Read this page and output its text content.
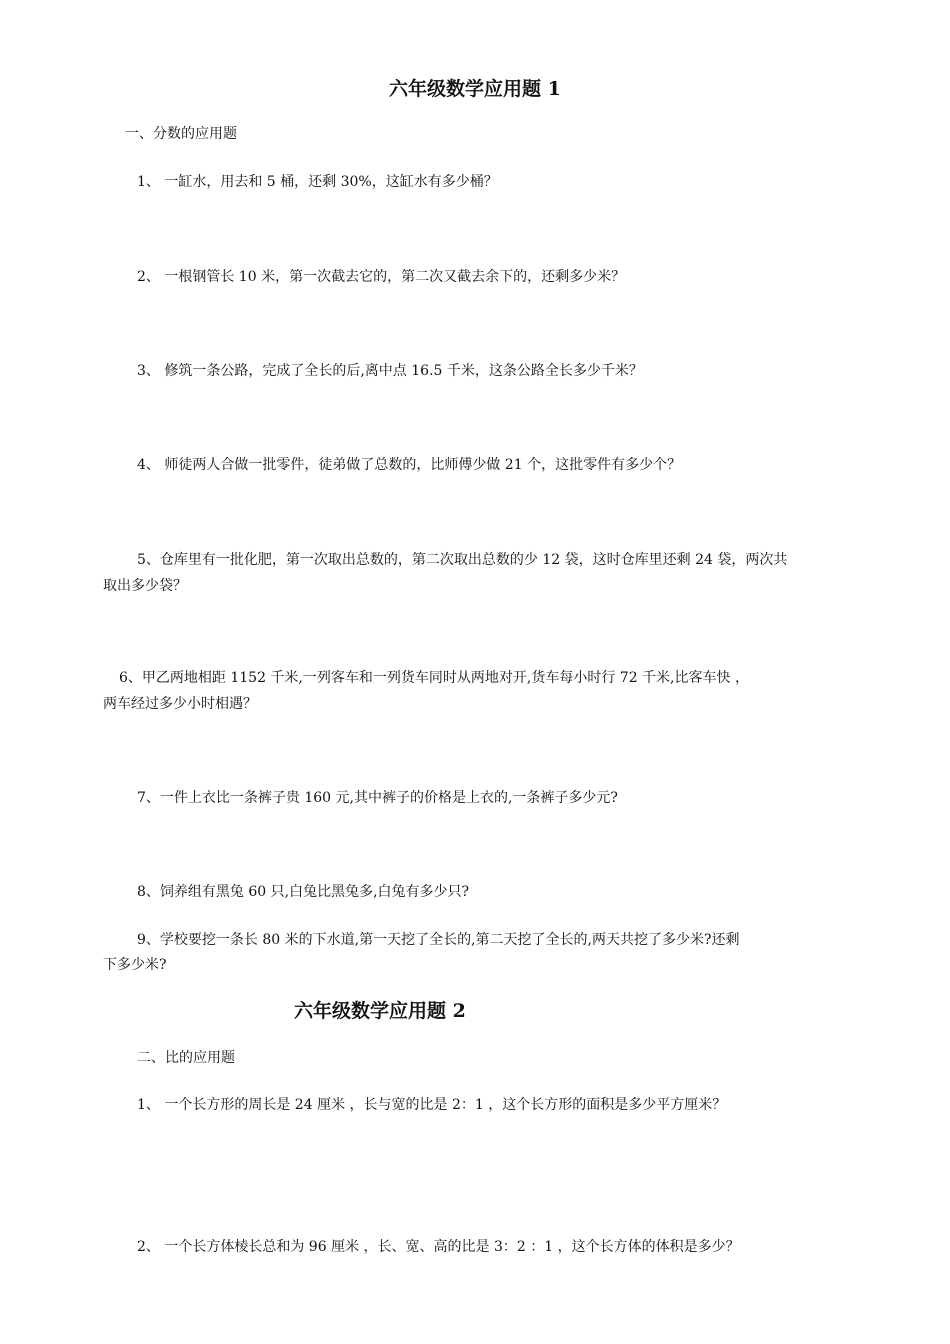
六年级数学应用题 1
一、分数的应用题
1、 一缸水，用去和 5 桶，还剩 30%，这缸水有多少桶？
2、 一根钢管长 10 米，第一次截去它的，第二次又截去余下的，还剩多少米？
3、 修筑一条公路，完成了全长的后,离中点 16.5 千米，这条公路全长多少千米？
4、 师徒两人合做一批零件，徒弟做了总数的，比师傅少做 21 个，这批零件有多少个？
5、仓库里有一批化肥，第一次取出总数的，第二次取出总数的少 12 袋，这时仓库里还剩 24 袋，两次共
取出多少袋？
6、甲乙两地相距 1152 千米,一列客车和一列货车同时从两地对开,货车每小时行 72 千米,比客车快 ，
两车经过多少小时相遇？
7、一件上衣比一条裤子贵 160 元,其中裤子的价格是上衣的,一条裤子多少元?
8、饲养组有黑兔 60 只,白兔比黑兔多,白兔有多少只?
9、学校要挖一条长 80 米的下水道,第一天挖了全长的,第二天挖了全长的,两天共挖了多少米?还剩
下多少米?
六年级数学应用题 2
二、比的应用题
1、 一个长方形的周长是 24 厘米 ，长与宽的比是 2：1 ，这个长方形的面积是多少平方厘米？
2、 一个长方体棱长总和为 96 厘米 ，长、宽、高的比是 3：2 ：1 ，这个长方体的体积是多少？
